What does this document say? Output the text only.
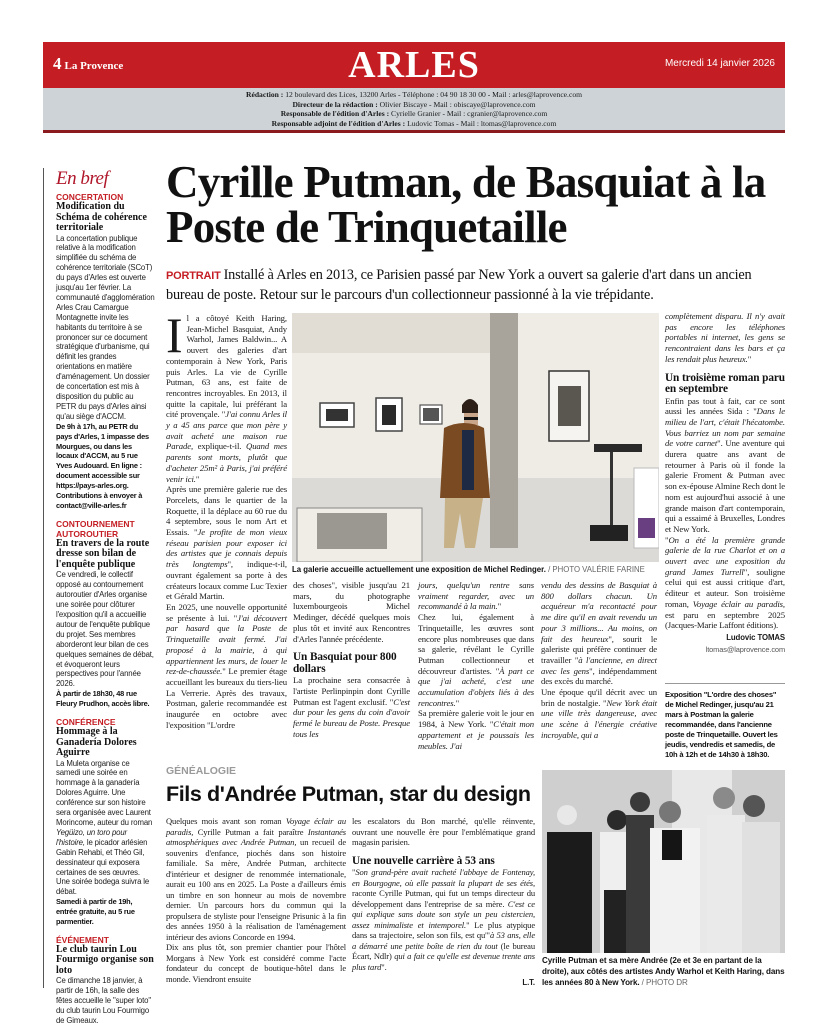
4 La Provence	ARLES	Mercredi 14 janvier 2026
Rédaction : 12 boulevard des Lices, 13200 Arles - Téléphone : 04 90 18 30 00 - Mail : arles@laprovence.com
Directeur de la rédaction : Olivier Biscaye - Mail : obiscaye@laprovence.com
Responsable de l'édition d'Arles : Cyrielle Granier - Mail : cgranier@laprovence.com
Responsable adjoint de l'édition d'Arles : Ludovic Tomas - Mail : ltomas@laprovence.com
En bref
CONCERTATION
Modification du Schéma de cohérence territoriale
La concertation publique relative à la modification simplifiée du schéma de cohérence territoriale (SCoT) du pays d'Arles est ouverte jusqu'au 1er février. La communauté d'agglomération Arles Crau Camargue Montagnette invite les habitants du territoire à se prononcer sur ce document stratégique d'urbanisme, qui définit les grandes orientations en matière d'aménagement. Un dossier de concertation est mis à disposition du public au PETR du pays d'Arles ainsi qu'au siège d'ACCM.
De 9h à 17h, au PETR du pays d'Arles, 1 impasse des Mourgues, ou dans les locaux d'ACCM, au 5 rue Yves Audouard. En ligne : document accessible sur https://pays-arles.org. Contributions à envoyer à contact@ville-arles.fr
CONTOURNEMENT AUTOROUTIER
En travers de la route dresse son bilan de l'enquête publique
Ce vendredi, le collectif opposé au contournement autoroutier d'Arles organise une soirée pour clôturer l'exposition qu'il a accueillie autour de l'enquête publique du projet. Ses membres aborderont leur bilan de ces quelques semaines de débat, et évoqueront leurs perspectives pour l'année 2026.
À partir de 18h30, 48 rue Fleury Prudhon, accès libre.
CONFÉRENCE
Hommage à la Ganadería Dolores Aguirre
La Muleta organise ce samedi une soirée en hommage à la ganadería Dolores Aguirre. Une conférence sur son histoire sera organisée avec Laurent Morincome, auteur du roman Yegüizo, un toro pour l'histoire, le picador arlésien Gabin Rehabi, et Théo Gil, dessinateur qui exposera certaines de ses œuvres. Une soirée bodega suivra le débat.
Samedi à partir de 19h, entrée gratuite, au 5 rue parmentier.
ÉVÉNEMENT
Le club taurin Lou Fourmigo organise son loto
Ce dimanche 18 janvier, à partir de 16h, la salle des fêtes accueille le "super loto" du club taurin Lou Fourmigo de Gimeaux.
Cyrille Putman, de Basquiat à la Poste de Trinquetaille
PORTRAIT Installé à Arles en 2013, ce Parisien passé par New York a ouvert sa galerie d'art dans un ancien bureau de poste. Retour sur le parcours d'un collectionneur passionné à la vie trépidante.

Il a côtoyé Keith Haring, Jean-Michel Basquiat, Andy Warhol, James Baldwin... A ouvert des galeries d'art contemporain à New York, Paris puis Arles. La vie de Cyrille Putman, 63 ans, est faite de rencontres incroyables. En 2013, il quitte la capitale, lui préférant la cité provençale. "J'ai connu Arles il y a 45 ans parce que mon père y avait acheté une maison rue Parade, explique-t-il. Quand mes parents sont morts, plutôt que d'acheter 25m² à Paris, j'ai préféré venir ici."

Après une première galerie rue des Porcelets, dans le quartier de la Roquette, il la déplace au 60 rue du 4 septembre, sous le nom Art et Essais. "Je profite de mon vieux réseau parisien pour exposer ici des artistes que je connais depuis très longtemps", indique-t-il, ouvrant également sa porte à des créateurs locaux comme Luc Texier et Gérald Martin.

En 2025, une nouvelle opportunité se présente à lui. "J'ai découvert par hasard que la Poste de Trinquetaille avait fermé. J'ai proposé à la mairie, à qui appartiennent les murs, de louer le rez-de-chaussée." Le premier étage accueillant les bureaux du tiers-lieu La Verrerie. Après des travaux, Postman, galerie recommandée est inaugurée en octobre avec l'exposition "L'ordre

La galerie accueille actuellement une exposition de Michel Redinger. / PHOTO VALÉRIE FARINE

des choses", visible jusqu'au 21 mars, du photographe luxembourgeois Michel Medinger, décédé quelques mois plus tôt et invité aux Rencontres d'Arles l'année précédente.

Un Basquiat pour 800 dollars

La prochaine sera consacrée à l'artiste Perlinpinpin dont Cyrille Putman est l'agent exclusif. "C'est dur pour les gens du coin d'avoir fermé le bureau de Poste. Presque tous les

jours, quelqu'un rentre sans vraiment regarder, avec un recommandé à la main."

Chez lui, également à Trinquetaille, les œuvres sont encore plus nombreuses que dans sa galerie, révélant le Cyrille Putman collectionneur et découvreur d'artistes. "À part ce que j'ai acheté, c'est une accumulation d'objets liés à des rencontres."

Sa première galerie voit le jour en 1984, à New York. "C'était mon appartement et je poussais les meubles. J'ai

vendu des dessins de Basquiat à 800 dollars chacun. Un acquéreur m'a recontacté pour me dire qu'il en avait revendu un pour 3 millions... Au moins, on fait des heureux", sourit le galeriste qui préfère continuer de travailler "à l'ancienne, en direct avec les gens", indépendamment des excès du marché.

Une époque qu'il décrit avec un brin de nostalgie. "New York était une ville très dangereuse, avec une scène à l'énergie créative incroyable, qui a

complètement disparu. Il n'y avait pas encore les téléphones portables ni internet, les gens se rencontraient dans les bars et ça les rendait plus heureux."

Un troisième roman paru en septembre

Enfin pas tout à fait, car ce sont aussi les années Sida : "Dans le milieu de l'art, c'était l'hécatombe. Vous barriez un nom par semaine de votre carnet". Une aventure qui durera quatre ans avant de retourner à Paris où il fonde la galerie Froment & Putman avec son ex-épouse Almine Rech dont le nom est aujourd'hui associé à une grande maison d'art contemporain, qui a essaimé à Bruxelles, Londres et New York.

"On a été la première grande galerie de la rue Charlot et on a ouvert avec une exposition du grand James Turrell", souligne celui qui est aussi critique d'art, éditeur et auteur. Son troisième roman, Voyage éclair au paradis, est paru en septembre 2025 (Jacques-Marie Laffont éditions).

Ludovic TOMAS
ltomas@laprovence.com
Exposition "L'ordre des choses" de Michel Redinger, jusqu'au 21 mars à Postman la galerie recommandée, dans l'ancienne poste de Trinquetaille. Ouvert les jeudis, vendredis et samedis, de 10h à 12h et de 14h30 à 18h30.
GÉNÉALOGIE
Fils d'Andrée Putman, star du design

Quelques mois avant son roman Voyage éclair au paradis, Cyrille Putman a fait paraître Instantanés atmosphériques avec Andrée Putman, un recueil de souvenirs d'enfance, piochés dans son histoire familiale. Sa mère, Andrée Putman, architecte d'intérieur et designer de renommée internationale, aurait eu 100 ans en 2025. La Poste a d'ailleurs émis un timbre en son honneur au mois de novembre dernier. Un parcours hors du commun qui la propulsera de styliste pour l'enseigne Prisunic à la fin des années 1950 à la réalisation de l'aménagement intérieur des avions Concorde en 1994.

Dix ans plus tôt, son premier chantier pour l'hôtel Morgans à New York est considéré comme l'acte fondateur du concept de boutique-hôtel dans le monde. Viendront ensuite

les escalators du Bon marché, qu'elle réinvente, ouvrant une nouvelle ère pour l'emblématique grand magasin parisien.

Une nouvelle carrière à 53 ans

"Son grand-père avait racheté l'abbaye de Fontenay, en Bourgogne, où elle passait la plupart de ses étés, raconte Cyrille Putman, qui fut un temps directeur du développement dans l'entreprise de sa mère. C'est ce qui explique sans doute son style un peu cistercien, assez minimaliste et intemporel." Le plus atypique dans sa trajectoire, selon son fils, est qu'"à 53 ans, elle a démarré une petite boîte de rien du tout (le bureau Écart, Ndlr) qui a fait ce qu'elle est devenue trente ans plus tard".

L.T.
Cyrille Putman et sa mère Andrée (2e et 3e en partant de la droite), aux côtés des artistes Andy Warhol et Keith Haring, dans les années 80 à New York. / PHOTO DR
